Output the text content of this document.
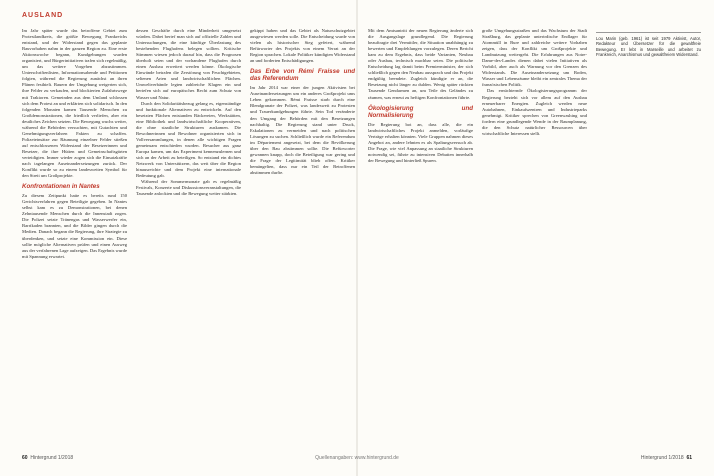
AUSLAND

Im Jahr später wurde das betroffene Gebiet zum Protestlandkreis, die größte Bewegung Frankreichs entstand, und der Widerstand gegen das geplante Bauvorhaben nahm in der ganzen Region zu. Eine erste Aktionswoche begann, Kundgebungen wurden organisiert, und Bürgerinitiativen trafen sich regelmäßig, um das weitere Vorgehen abzustimmen. Unterschriftenlisten, Informationsabende und Petitionen folgten, während die Regierung zunächst an ihren Plänen festhielt. Bauern der Umgebung weigerten sich, ihre Felder zu verkaufen, und blockierten Zufahrtswege mit Traktoren. Gemeinden aus dem Umland schlossen sich dem Protest an und erklärten sich solidarisch. In den folgenden Monaten kamen Tausende Menschen zu Großdemonstrationen, die friedlich verliefen, aber ein deutliches Zeichen setzten. Die Bewegung wuchs weiter, während die Behörden versuchten, mit Gutachten und Genehmigungsverfahren Fakten zu schaffen. Polizeieinsätze zur Räumung einzelner Felder stießen auf entschlossenen Widerstand der Besetzerinnen und Besetzer, die ihre Hütten und Gemeinschaftsgärten verteidigten. Immer wieder zogen sich die Einsatzkräfte nach tagelangen Auseinandersetzungen zurück. Der Konflikt wurde so zu einem landesweiten Symbol für den Streit um Großprojekte.

Konfrontationen in Nantes

Zu diesem Zeitpunkt hatte es bereits rund 150 Gerichtsverfahren gegen Beteiligte gegeben. In Nantes selbst kam es zu Demonstrationen, bei denen Zehntausende Menschen durch die Innenstadt zogen. Die Polizei setzte Tränengas und Wasserwerfer ein, Barrikaden brannten, und die Bilder gingen durch die Medien. Danach begann die Regierung, ihre Strategie zu überdenken, und setzte eine Kommission ein. Diese sollte mögliche Alternativen prüfen und einen Ausweg aus der verfahrenen Lage aufzeigen. Das Ergebnis wurde mit Spannung erwartet.

dessen Geschäfte durch eine Minderheit umgesetzt würden. Dabei berief man sich auf offizielle Zahlen und Untersuchungen, die eine künftige Überlastung des bestehenden Flughafens belegen sollten. Kritische Stimmen wiesen jedoch darauf hin, dass die Prognosen überholt seien und der vorhandene Flughafen durch einen Ausbau erweitert werden könne. Ökologische Einwände betrafen die Zerstörung von Feuchtgebieten, seltenen Arten und landwirtschaftlichen Flächen. Umweltverbände legten zahlreiche Klagen ein und beriefen sich auf europäisches Recht zum Schutz von Wasser und Natur.

Durch den Solidaritätsbezug gelang es, eigenständige und funktionale Alternativen zu entwickeln. Auf den besetzten Flächen entstanden Bäckereien, Werkstätten, eine Bibliothek und landwirtschaftliche Kooperativen, die ohne staatliche Strukturen auskamen. Die Bewohnerinnen und Bewohner organisierten sich in Vollversammlungen, in denen alle wichtigen Fragen gemeinsam entschieden wurden. Besucher aus ganz Europa kamen, um das Experiment kennenzulernen und sich an der Arbeit zu beteiligen. So entstand ein dichtes Netzwerk von Unterstützern, das weit über die Region hinausreichte und dem Projekt eine internationale Bedeutung gab.

Während der Sommermonate gab es regelmäßig Festivals, Konzerte und Diskussionsveranstaltungen, die Tausende anlockten und die Bewegung weiter stärkten.

gekippt haben und das Gebiet als Naturschutzgebiet ausgewiesen werden solle. Die Entscheidung wurde von vielen als historischer Sieg gefeiert, während Befürworter des Projekts von einem Verrat an der Region sprachen. Lokale Politiker kündigten Widerstand an und forderten Entschädigungen.

Das Erbe von Rémi Fraisse und das Referendum

Im Jahr 2014 war einer der jungen Aktivisten bei Auseinandersetzungen um ein anderes Großprojekt ums Leben gekommen. Rémi Fraisse starb durch eine Blendgranate der Polizei, was landesweit zu Protesten und Trauerkundgebungen führte. Sein Tod veränderte den Umgang der Behörden mit den Besetzungen nachhaltig. Die Regierung stand unter Druck, Eskalationen zu vermeiden und nach politischen Lösungen zu suchen. Schließlich wurde ein Referendum im Département angesetzt, bei dem die Bevölkerung über den Bau abstimmen sollte. Die Befürworter gewannen knapp, doch die Beteiligung war gering und die Frage der Legitimität blieb offen. Kritiker bemängelten, dass nur ein Teil der Betroffenen abstimmen durfte.

Mit dem Amtsantritt der neuen Regierung änderte sich die Ausgangslage grundlegend. Die Regierung beauftragte drei Vermittler, die Situation unabhängig zu bewerten und Empfehlungen vorzulegen. Deren Bericht kam zu dem Ergebnis, dass beide Varianten, Neubau oder Ausbau, technisch machbar seien. Die politische Entscheidung lag damit beim Premierminister, der sich schließlich gegen den Neubau aussprach und das Projekt endgültig beendete. Zugleich kündigte er an, die Besetzung nicht länger zu dulden. Wenig später rückten Tausende Gendarmen an, um Teile des Geländes zu räumen, was erneut zu heftigen Konfrontationen führte.

Ökologisierung und Normalisierung

Die Regierung bot an, dass alle, die ein landwirtschaftliches Projekt anmelden, vorläufige Verträge erhalten könnten. Viele Gruppen nahmen dieses Angebot an, andere lehnten es als Spaltungsversuch ab. Die Frage, wie viel Anpassung an staatliche Strukturen notwendig sei, führte zu intensiven Debatten innerhalb der Bewegung und hinterließ Spuren.

große Umgehungsstraßen und das Wachstum der Stadt Straßburg, das geplante unterirdische Endlager für Atommüll in Bure und zahlreiche weitere Vorhaben zeigen, dass der Konflikt um Großprojekte und Landnutzung weitergeht. Die Erfahrungen aus Notre-Dame-des-Landes dienen dabei vielen Initiativen als Vorbild, aber auch als Warnung vor den Grenzen des Widerstands. Die Auseinandersetzung um Boden, Wasser und Lebensräume bleibt ein zentrales Thema der französischen Politik.

Das ernüchternde Ökologisierungsprogramm der Regierung bezieht sich vor allem auf den Ausbau erneuerbarer Energien. Zugleich werden neue Autobahnen, Einkaufszentren und Industrieparks genehmigt. Kritiker sprechen von Greenwashing und fordern eine grundlegende Wende in der Raumplanung, die den Schutz natürlicher Ressourcen über wirtschaftliche Interessen stellt.

Lou Marin (geb. 1961) ist seit 1979 Aktivist, Autor, Redakteur und Übersetzer für die gewaltfreie Bewegung. Er lebt in Marseille und arbeitet zu Frankreich, Anarchismus und gewaltfreiem Widerstand.
60 Hintergrund 1/2018	Quellenangaben: www.hintergrund.de	Hintergrund 1/2018 61
